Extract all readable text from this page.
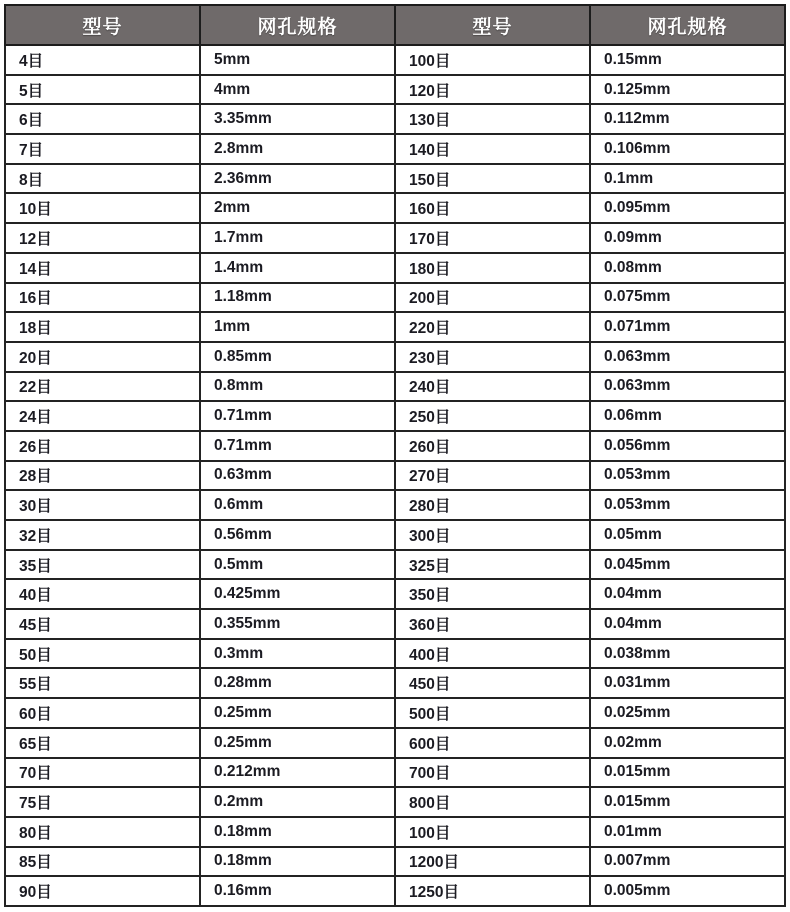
型号	网孔规格	型号	网孔规格
4目	5mm	100目	0.15mm
5目	4mm	120目	0.125mm
6目	3.35mm	130目	0.112mm
7目	2.8mm	140目	0.106mm
8目	2.36mm	150目	0.1mm
10目	2mm	160目	0.095mm
12目	1.7mm	170目	0.09mm
14目	1.4mm	180目	0.08mm
16目	1.18mm	200目	0.075mm
18目	1mm	220目	0.071mm
20目	0.85mm	230目	0.063mm
22目	0.8mm	240目	0.063mm
24目	0.71mm	250目	0.06mm
26目	0.71mm	260目	0.056mm
28目	0.63mm	270目	0.053mm
30目	0.6mm	280目	0.053mm
32目	0.56mm	300目	0.05mm
35目	0.5mm	325目	0.045mm
40目	0.425mm	350目	0.04mm
45目	0.355mm	360目	0.04mm
50目	0.3mm	400目	0.038mm
55目	0.28mm	450目	0.031mm
60目	0.25mm	500目	0.025mm
65目	0.25mm	600目	0.02mm
70目	0.212mm	700目	0.015mm
75目	0.2mm	800目	0.015mm
80目	0.18mm	100目	0.01mm
85目	0.18mm	1200目	0.007mm
90目	0.16mm	1250目	0.005mm
